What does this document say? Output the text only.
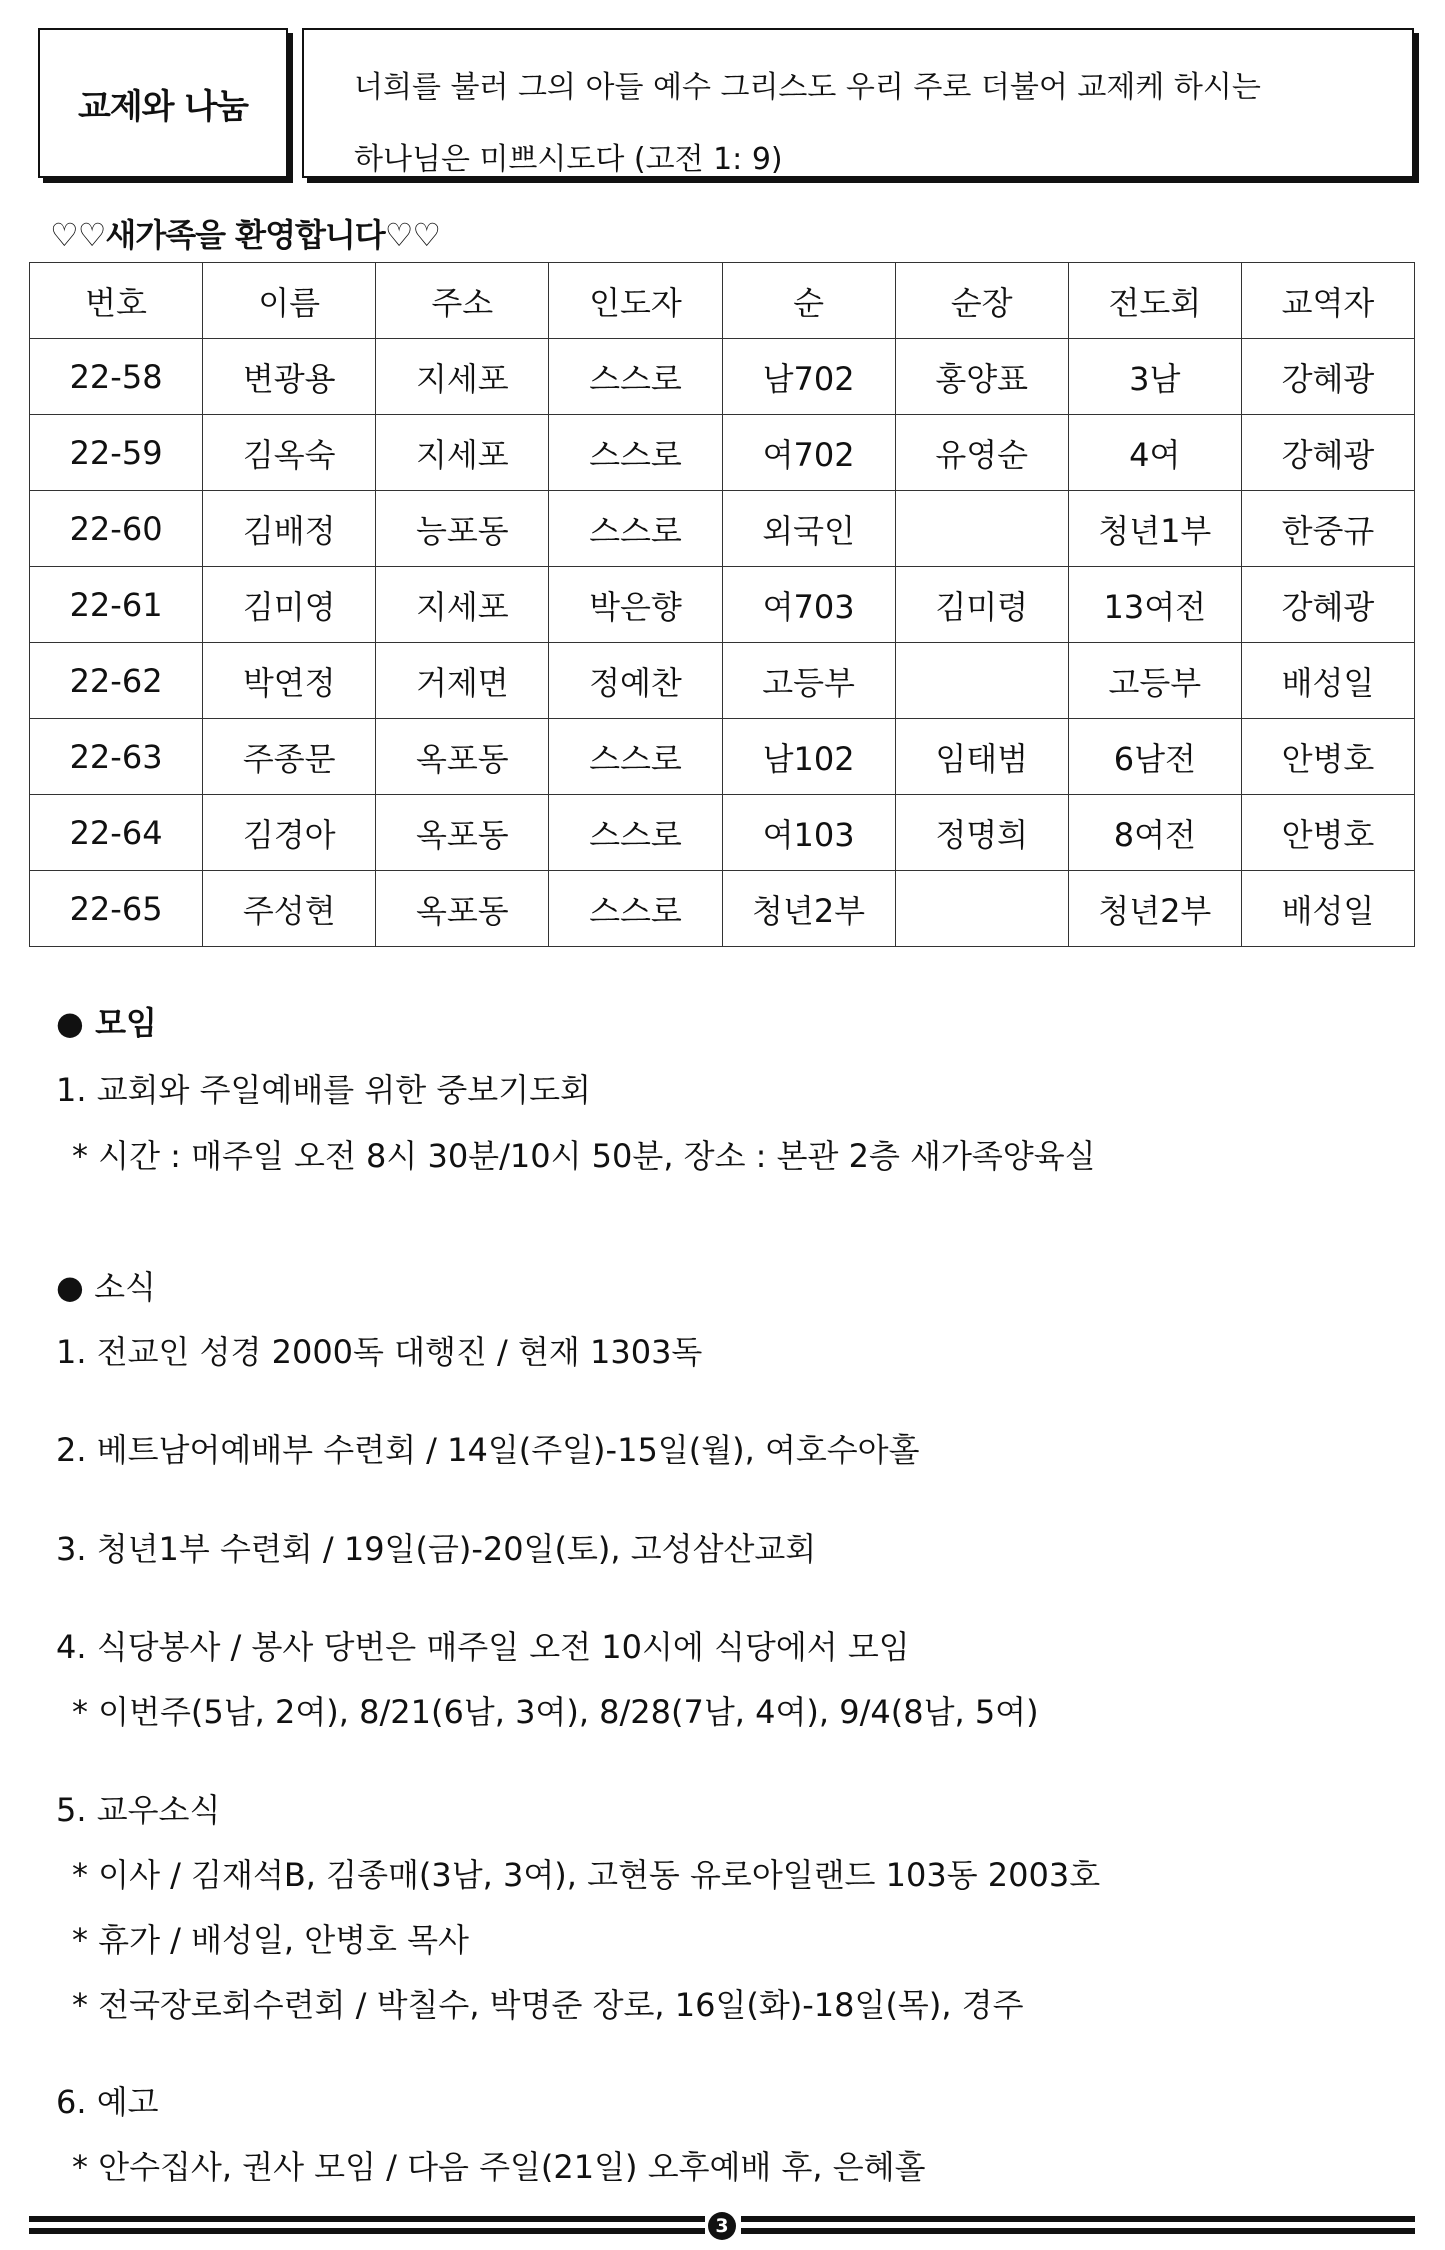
교제와 나눔	너희를 불러 그의 아들 예수 그리스도 우리 주로 더불어 교제케 하시는
하나님은 미쁘시도다 (고전 1: 9)
♡♡새가족을 환영합니다♡♡
번호	이름	주소	인도자	순	순장	전도회	교역자
22-58	변광용	지세포	스스로	남702	홍양표	3남	강혜광
22-59	김옥숙	지세포	스스로	여702	유영순	4여	강혜광
22-60	김배정	능포동	스스로	외국인		청년1부	한중규
22-61	김미영	지세포	박은향	여703	김미령	13여전	강혜광
22-62	박연정	거제면	정예찬	고등부		고등부	배성일
22-63	주종문	옥포동	스스로	남102	임태범	6남전	안병호
22-64	김경아	옥포동	스스로	여103	정명희	8여전	안병호
22-65	주성현	옥포동	스스로	청년2부		청년2부	배성일
● 모임
1. 교회와 주일예배를 위한 중보기도회
* 시간 : 매주일 오전 8시 30분/10시 50분, 장소 : 본관 2층 새가족양육실
● 소식
1. 전교인 성경 2000독 대행진 / 현재 1303독
2. 베트남어예배부 수련회 / 14일(주일)-15일(월), 여호수아홀
3. 청년1부 수련회 / 19일(금)-20일(토), 고성삼산교회
4. 식당봉사 / 봉사 당번은 매주일 오전 10시에 식당에서 모임
* 이번주(5남, 2여), 8/21(6남, 3여), 8/28(7남, 4여), 9/4(8남, 5여)
5. 교우소식
* 이사 / 김재석B, 김종매(3남, 3여), 고현동 유로아일랜드 103동 2003호
* 휴가 / 배성일, 안병호 목사
* 전국장로회수련회 / 박칠수, 박명준 장로, 16일(화)-18일(목), 경주
6. 예고
* 안수집사, 권사 모임 / 다음 주일(21일) 오후예배 후, 은혜홀
3
